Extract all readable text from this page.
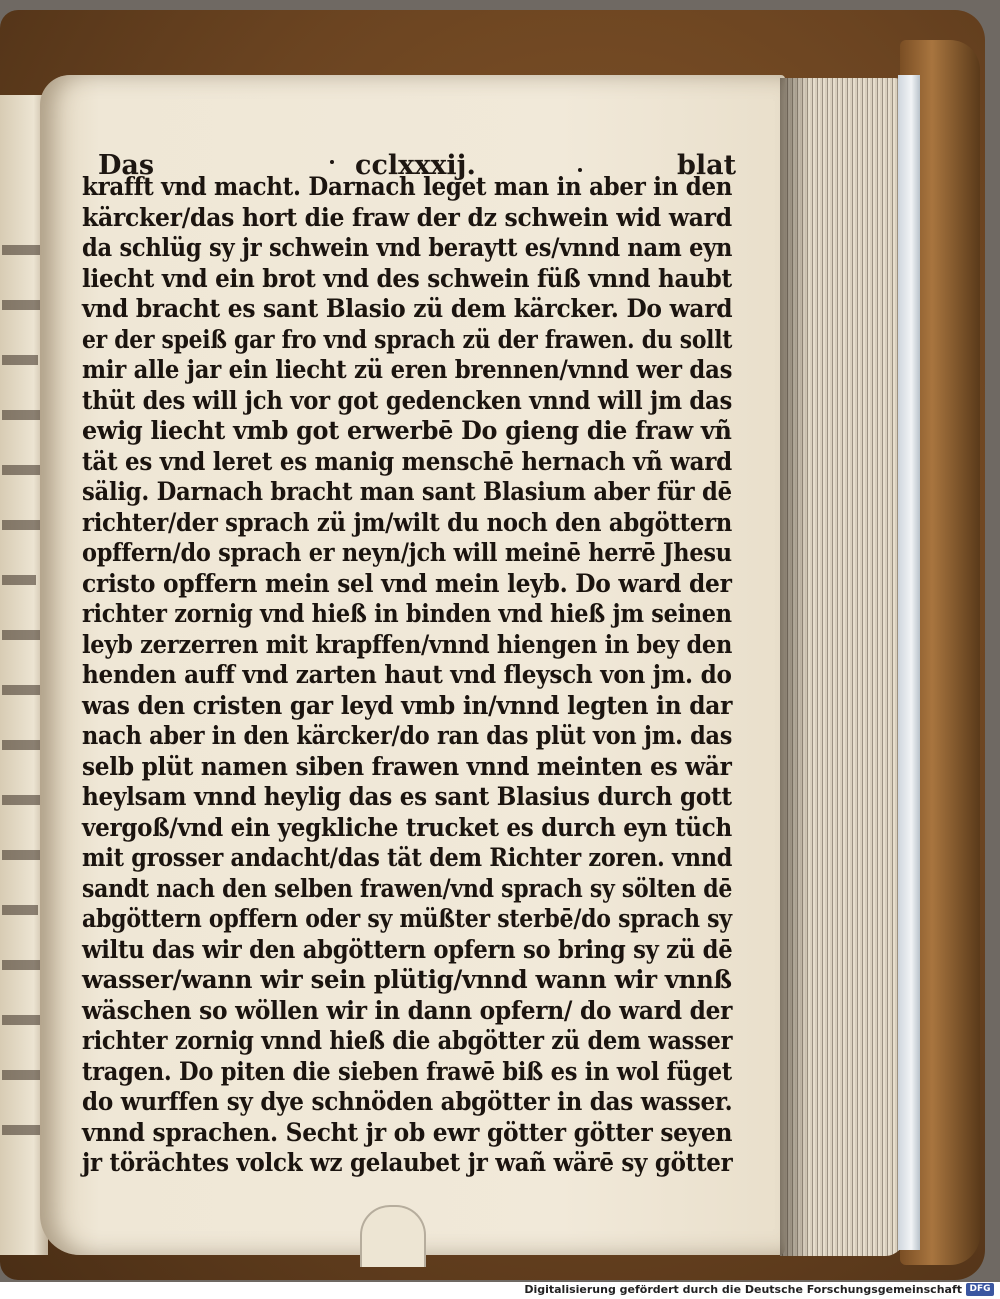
Das	cclxxxij.	blat
krafft vnd macht. Darnach leget man in aber in den
kärcker/das hort die fraw der dz schwein wid ward
da schlüg sy jr schwein vnd beraytt es/vnnd nam eyn
liecht vnd ein brot vnd des schwein füß vnnd haubt
vnd bracht es sant Blasio zü dem kärcker. Do ward
er der speiß gar fro vnd sprach zü der frawen. du sollt
mir alle jar ein liecht zü eren brennen/vnnd wer das
thüt des will jch vor got gedencken vnnd will jm das
ewig liecht vmb got erwerbē Do gieng die fraw vñ
tät es vnd leret es manig menschē hernach vñ ward
sälig. Darnach bracht man sant Blasium aber für dē
richter/der sprach zü jm/wilt du noch den abgöttern
opffern/do sprach er neyn/jch will meinē herrē Jhesu
cristo opffern mein sel vnd mein leyb. Do ward der
richter zornig vnd hieß in binden vnd hieß jm seinen
leyb zerzerren mit krapffen/vnnd hiengen in bey den
henden auff vnd zarten haut vnd fleysch von jm. do
was den cristen gar leyd vmb in/vnnd legten in dar
nach aber in den kärcker/do ran das plüt von jm. das
selb plüt namen siben frawen vnnd meinten es wär
heylsam vnnd heylig das es sant Blasius durch gott
vergoß/vnd ein yegkliche trucket es durch eyn tüch
mit grosser andacht/das tät dem Richter zoren. vnnd
sandt nach den selben frawen/vnd sprach sy sölten dē
abgöttern opffern oder sy müßter sterbē/do sprach sy
wiltu das wir den abgöttern opfern so bring sy zü dē
wasser/wann wir sein plütig/vnnd wann wir vnnß
wäschen so wöllen wir in dann opfern/ do ward der
richter zornig vnnd hieß die abgötter zü dem wasser
tragen. Do piten die sieben frawē biß es in wol füget
do wurffen sy dye schnöden abgötter in das wasser.
vnnd sprachen. Secht jr ob ewr götter götter seyen
jr törächtes volck wz gelaubet jr wañ wärē sy götter
Digitalisierung gefördert durch die Deutsche Forschungsgemeinschaft DFG
